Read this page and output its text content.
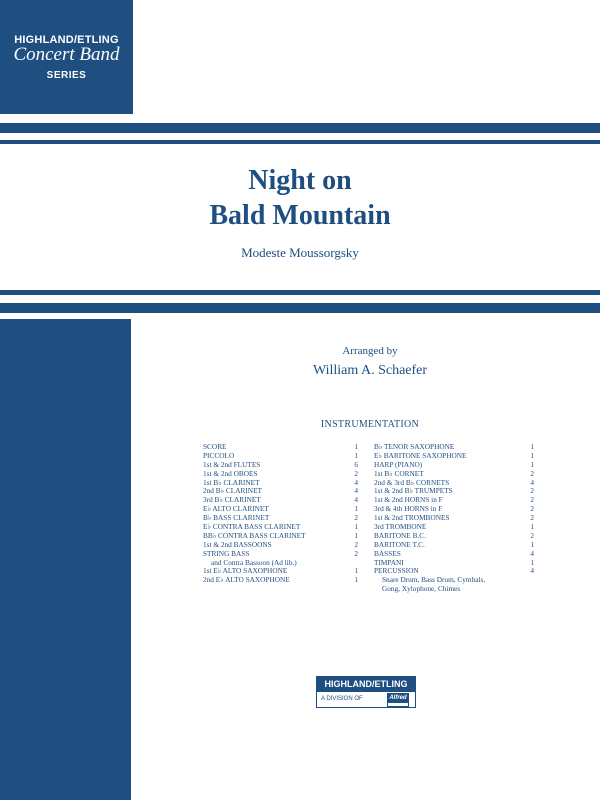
HIGHLAND/ETLING
Concert Band
SERIES
Night on
Bald Mountain
Modeste Moussorgsky
Arranged by
William A. Schaefer
INSTRUMENTATION
SCORE	1
PICCOLO	1
1st & 2nd FLUTES	6
1st & 2nd OBOES	2
1st B♭ CLARINET	4
2nd B♭ CLARINET	4
3rd B♭ CLARINET	4
E♭ ALTO CLARINET	1
B♭ BASS CLARINET	2
E♭ CONTRA BASS CLARINET	1
BB♭ CONTRA BASS CLARINET	1
1st & 2nd BASSOONS	2
STRING BASS	2
and Contra Bassoon (Ad lib.)
1st E♭ ALTO SAXOPHONE	1
2nd E♭ ALTO SAXOPHONE	1
B♭ TENOR SAXOPHONE	1
E♭ BARITONE SAXOPHONE	1
HARP (PIANO)	1
1st B♭ CORNET	2
2nd & 3rd B♭ CORNETS	4
1st & 2nd B♭ TRUMPETS	2
1st & 2nd HORNS in F	2
3rd & 4th HORNS in F	2
1st & 2nd TROMBONES	2
3rd TROMBONE	1
BARITONE B.C.	2
BARITONE T.C.	1
BASSES	4
TIMPANI	1
PERCUSSION	4
Snare Drum, Bass Drum, Cymbals,
Gong, Xylophone, Chimes
HIGHLAND/ETLING
A DIVISION OF	Alfred
